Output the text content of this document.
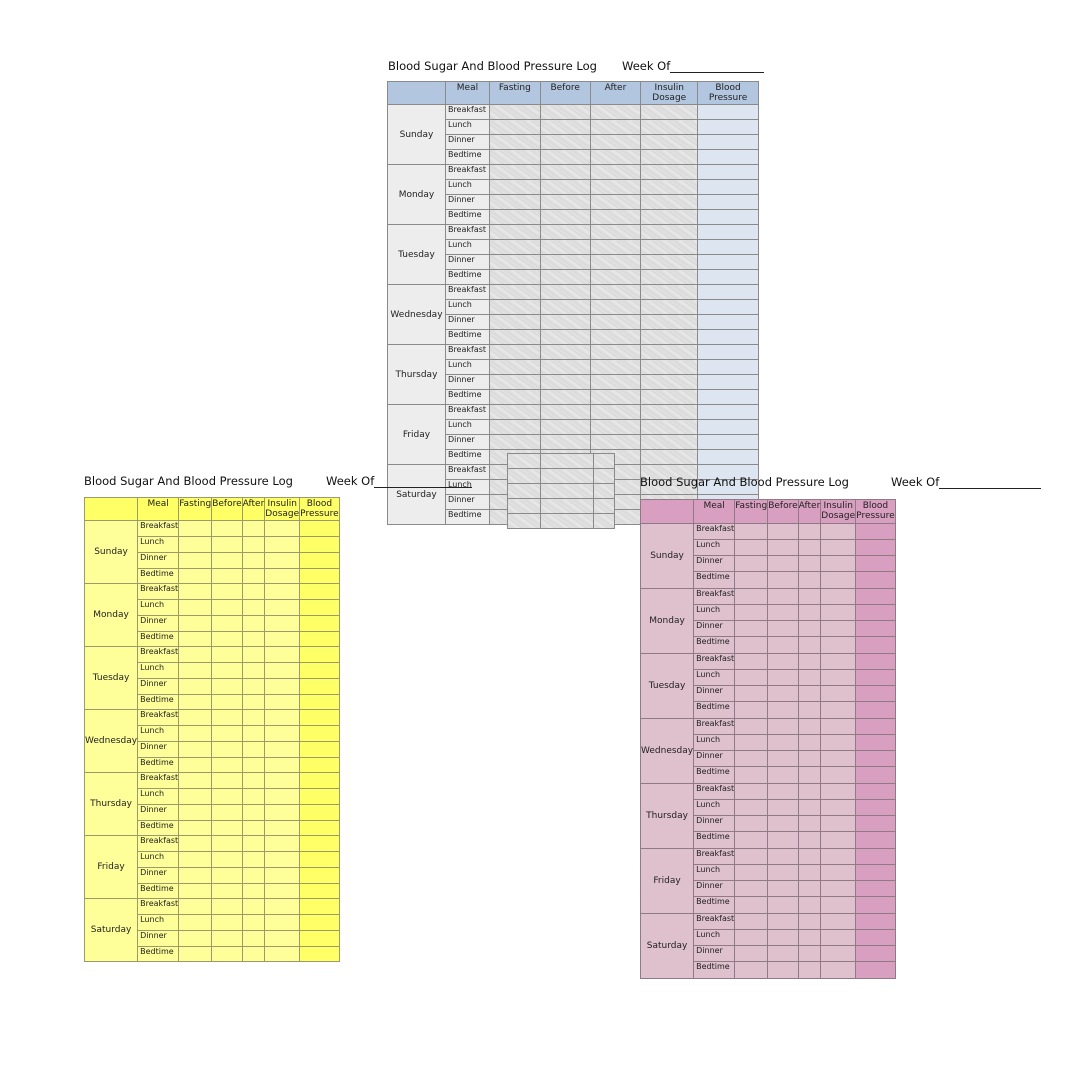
Blood Sugar And Blood Pressure Log Week Of
	Meal	Fasting	Before	After	Insulin Dosage	Blood Pressure
Sunday	Breakfast					
	Lunch					
	Dinner					
	Bedtime					
Monday	Breakfast					
	Lunch					
	Dinner					
	Bedtime					
Tuesday	Breakfast					
	Lunch					
	Dinner					
	Bedtime					
Wednesday	Breakfast					
	Lunch					
	Dinner					
	Bedtime					
Thursday	Breakfast					
	Lunch					
	Dinner					
	Bedtime					
Friday	Breakfast					
	Lunch					
	Dinner					
	Bedtime					
Saturday	Breakfast					
	Lunch					
	Dinner					
	Bedtime					

Blood Sugar And Blood Pressure Log	Week Of
	Meal	Fasting	Before	After	Insulin Dosage	Blood Pressure
Sunday	Breakfast					
	Lunch					
	Dinner					
	Bedtime					
Monday	Breakfast					
	Lunch					
	Dinner					
	Bedtime					
Tuesday	Breakfast					
	Lunch					
	Dinner					
	Bedtime					
Wednesday	Breakfast					
	Lunch					
	Dinner					
	Bedtime					
Thursday	Breakfast					
	Lunch					
	Dinner					
	Bedtime					
Friday	Breakfast					
	Lunch					
	Dinner					
	Bedtime					
Saturday	Breakfast					
	Lunch					
	Dinner					
	Bedtime					
Blood Sugar And Blood Pressure Log	Week Of
	Meal	Fasting	Before	After	Insulin Dosage	Blood Pressure
Sunday	Breakfast					
	Lunch					
	Dinner					
	Bedtime					
Monday	Breakfast					
	Lunch					
	Dinner					
	Bedtime					
Tuesday	Breakfast					
	Lunch					
	Dinner					
	Bedtime					
Wednesday	Breakfast					
	Lunch					
	Dinner					
	Bedtime					
Thursday	Breakfast					
	Lunch					
	Dinner					
	Bedtime					
Friday	Breakfast					
	Lunch					
	Dinner					
	Bedtime					
Saturday	Breakfast					
	Lunch					
	Dinner					
	Bedtime					
